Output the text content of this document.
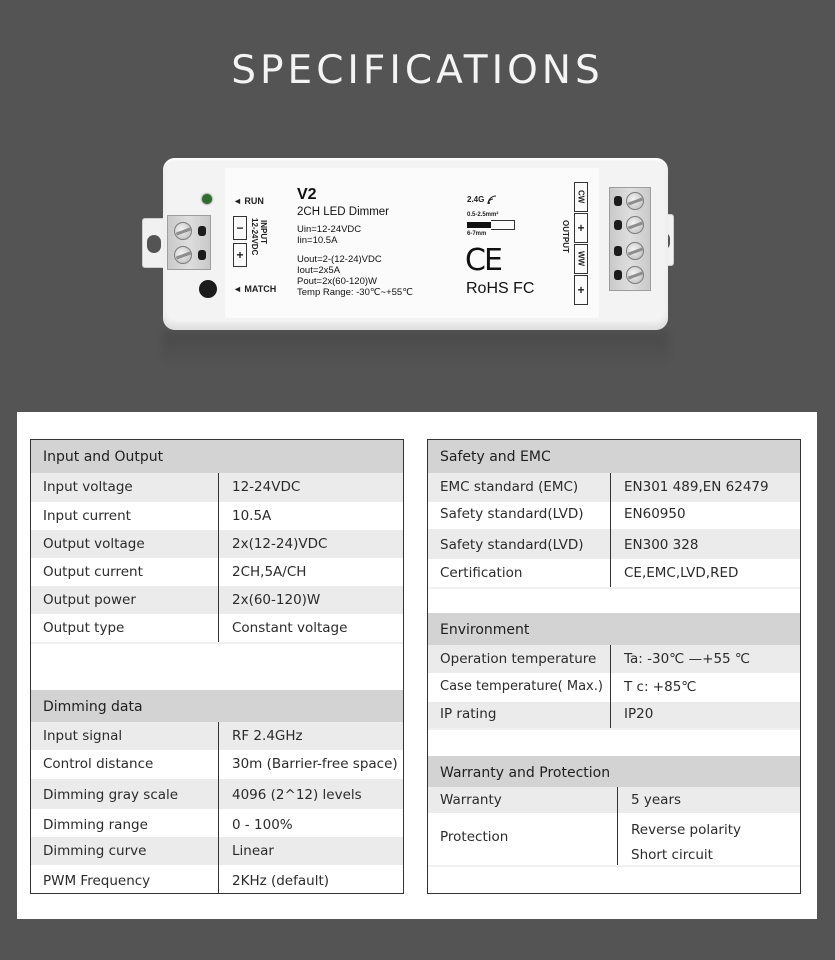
SPECIFICATIONS
◄ RUN
◄ MATCH
−
+
INPUT
12-24VDC
V2
2CH LED Dimmer
Uin=12-24VDC
Iin=10.5A
Uout=2-(12-24)VDC
Iout=2x5A
Pout=2x(60-120)W
Temp Range: -30℃~+55℃
2.4G
0.5-2.5mm²
6-7mm
CE
RoHS FC
OUTPUT
CW
+
WW
+
Input and Output
Input voltage	12-24VDC
Input current	10.5A
Output voltage	2x(12-24)VDC
Output current	2CH,5A/CH
Output power	2x(60-120)W
Output type	Constant voltage
Dimming data
Input signal	RF 2.4GHz
Control distance	30m (Barrier-free space)
Dimming gray scale	4096 (2^12) levels
Dimming range	0 - 100%
Dimming curve	Linear
PWM Frequency	2KHz (default)
Safety and EMC
EMC standard (EMC)	EN301 489,EN 62479
Safety standard(LVD)	EN60950
Safety standard(LVD)	EN300 328
Certification	CE,EMC,LVD,RED
Environment
Operation temperature	Ta: -30℃ —+55 ℃
Case temperature( Max.)	T c: +85℃
IP rating	IP20
Warranty and Protection
Warranty	5 years
Protection	Reverse polarity
Short circuit
